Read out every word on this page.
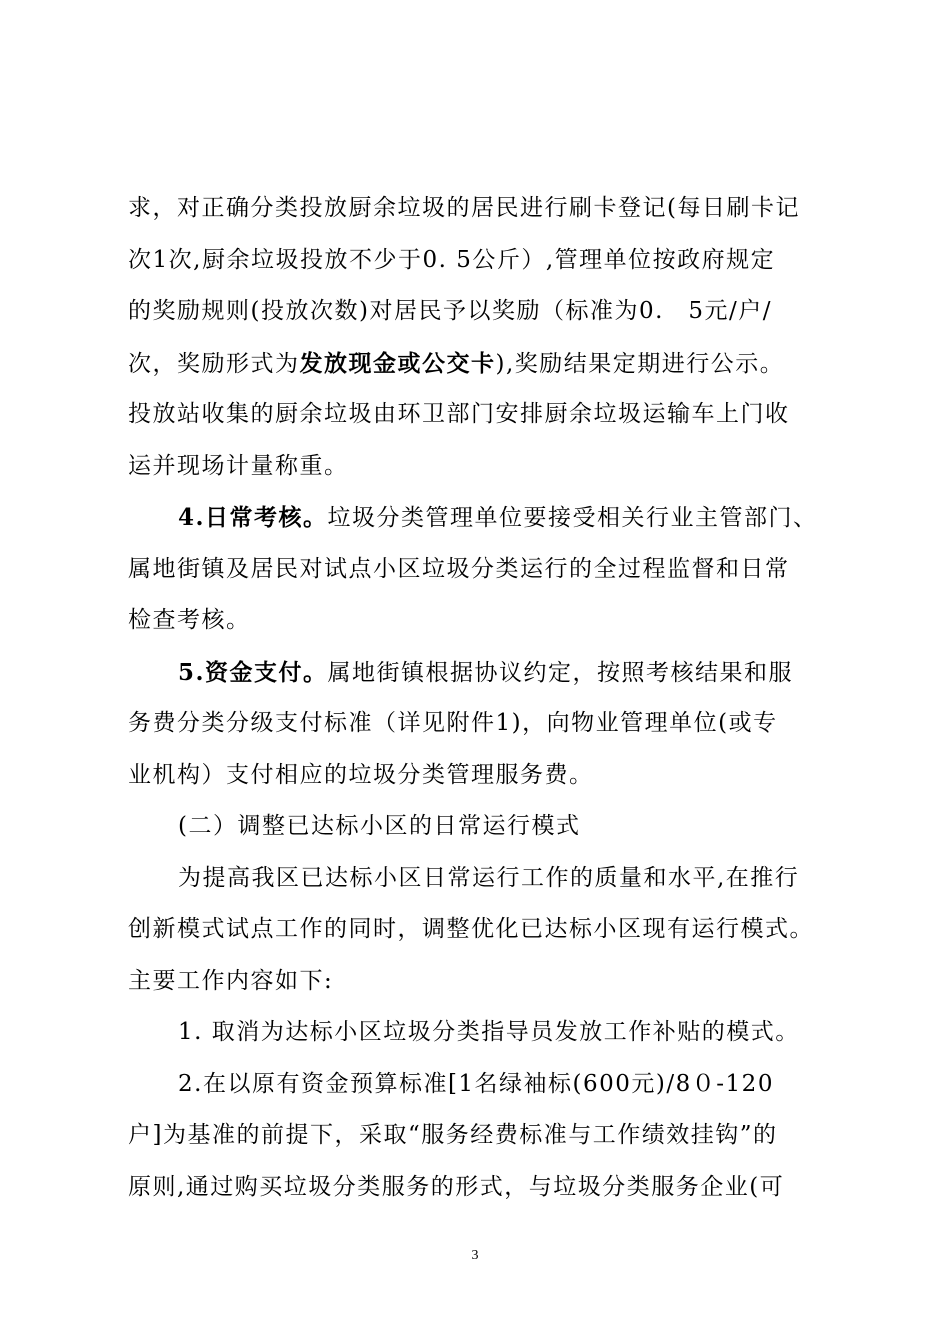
求，对正确分类投放厨余垃圾的居民进行刷卡登记(每日刷卡记
次1次,厨余垃圾投放不少于0. 5公斤）,管理单位按政府规定
的奖励规则(投放次数)对居民予以奖励（标准为0.　5元/户/
次，奖励形式为发放现金或公交卡),奖励结果定期进行公示。
投放站收集的厨余垃圾由环卫部门安排厨余垃圾运输车上门收
运并现场计量称重。
4.日常考核。垃圾分类管理单位要接受相关行业主管部门、
属地街镇及居民对试点小区垃圾分类运行的全过程监督和日常
检查考核。
5.资金支付。属地街镇根据协议约定，按照考核结果和服
务费分类分级支付标准（详见附件1)，向物业管理单位(或专
业机构）支付相应的垃圾分类管理服务费。
(二）调整已达标小区的日常运行模式
为提高我区已达标小区日常运行工作的质量和水平,在推行
创新模式试点工作的同时，调整优化已达标小区现有运行模式。
主要工作内容如下:
1. 取消为达标小区垃圾分类指导员发放工作补贴的模式。
2.在以原有资金预算标准[1名绿袖标(600元)/8０-120
户]为基准的前提下，采取“服务经费标准与工作绩效挂钩”的
原则,通过购买垃圾分类服务的形式，与垃圾分类服务企业(可
3
